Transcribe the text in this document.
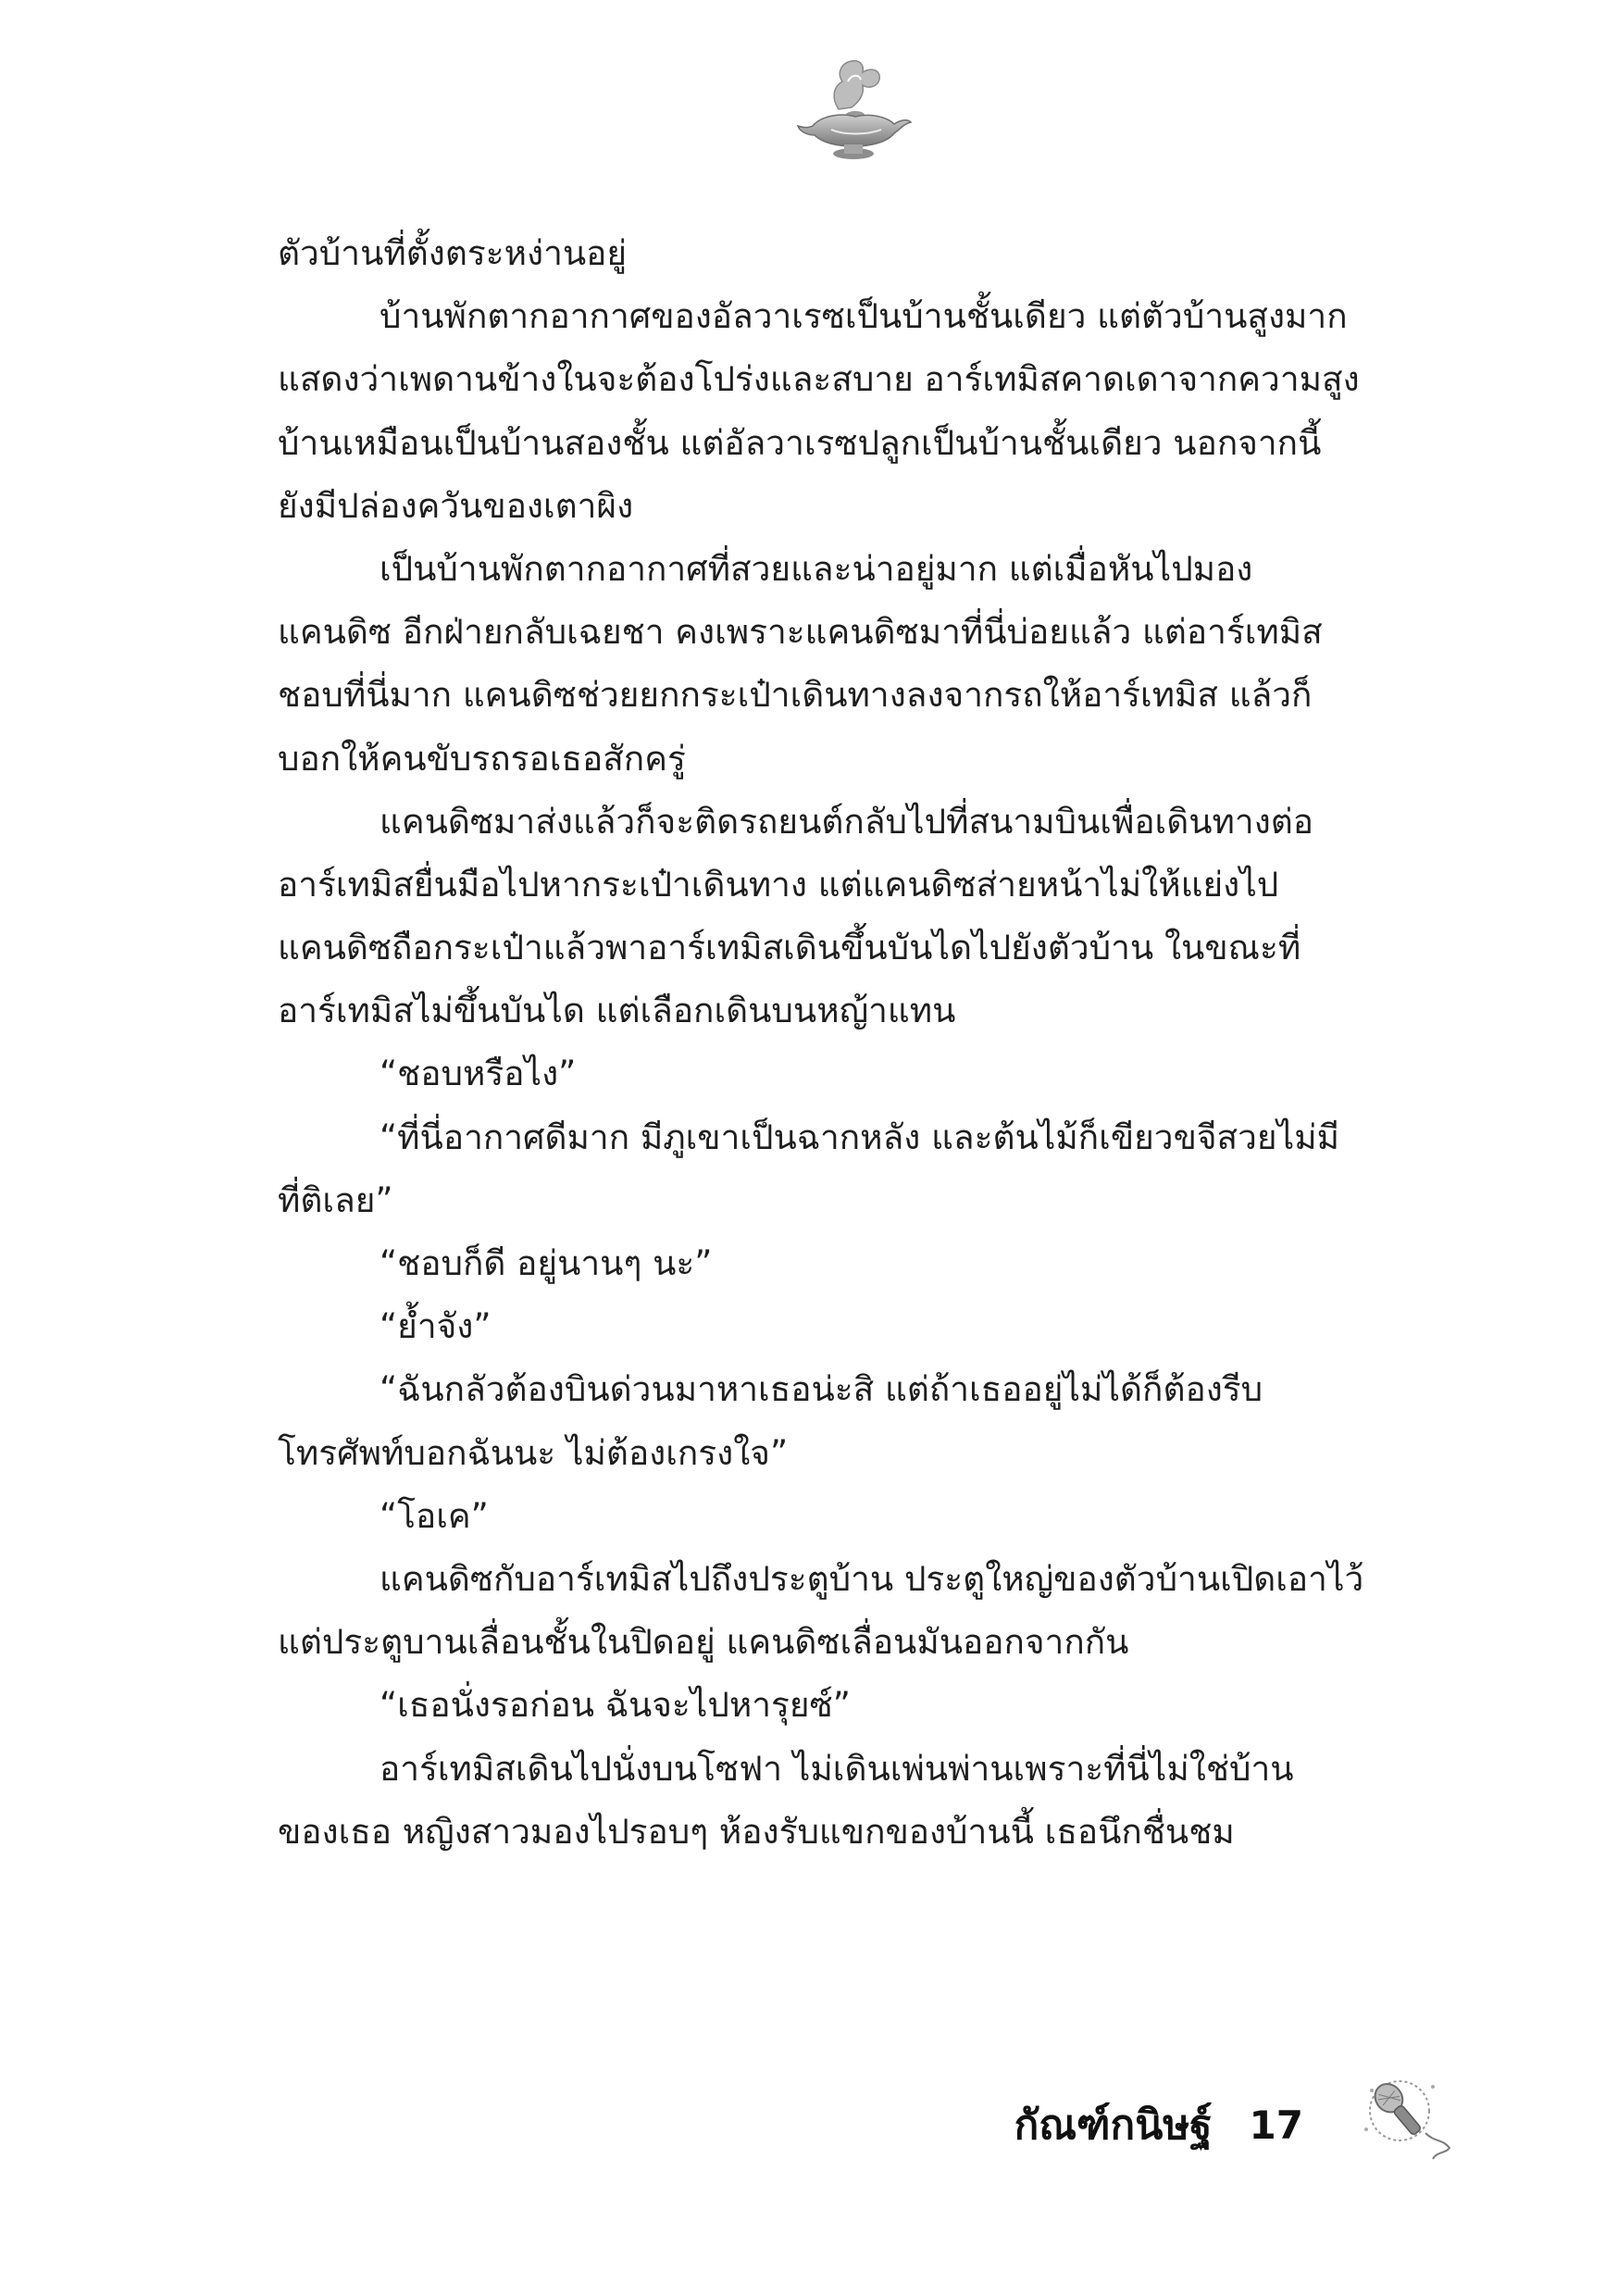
ตัวบ้านที่ตั้งตระหง่านอยู่
บ้านพักตากอากาศของอัลวาเรซเป็นบ้านชั้นเดียว แต่ตัวบ้านสูงมาก
แสดงว่าเพดานข้างในจะต้องโปร่งและสบาย อาร์เทมิสคาดเดาจากความสูง
บ้านเหมือนเป็นบ้านสองชั้น แต่อัลวาเรซปลูกเป็นบ้านชั้นเดียว นอกจากนี้
ยังมีปล่องควันของเตาผิง
เป็นบ้านพักตากอากาศที่สวยและน่าอยู่มาก แต่เมื่อหันไปมอง
แคนดิซ อีกฝ่ายกลับเฉยชา คงเพราะแคนดิซมาที่นี่บ่อยแล้ว แต่อาร์เทมิส
ชอบที่นี่มาก แคนดิซช่วยยกกระเป๋าเดินทางลงจากรถให้อาร์เทมิส แล้วก็
บอกให้คนขับรถรอเธอสักครู่
แคนดิซมาส่งแล้วก็จะติดรถยนต์กลับไปที่สนามบินเพื่อเดินทางต่อ
อาร์เทมิสยื่นมือไปหากระเป๋าเดินทาง แต่แคนดิซส่ายหน้าไม่ให้แย่งไป
แคนดิซถือกระเป๋าแล้วพาอาร์เทมิสเดินขึ้นบันไดไปยังตัวบ้าน ในขณะที่
อาร์เทมิสไม่ขึ้นบันได แต่เลือกเดินบนหญ้าแทน
“ชอบหรือไง”
“ที่นี่อากาศดีมาก มีภูเขาเป็นฉากหลัง และต้นไม้ก็เขียวขจีสวยไม่มี
ที่ติเลย”
“ชอบก็ดี อยู่นานๆ นะ”
“ย้ำจัง”
“ฉันกลัวต้องบินด่วนมาหาเธอน่ะสิ แต่ถ้าเธออยู่ไม่ได้ก็ต้องรีบ
โทรศัพท์บอกฉันนะ ไม่ต้องเกรงใจ”
“โอเค”
แคนดิซกับอาร์เทมิสไปถึงประตูบ้าน ประตูใหญ่ของตัวบ้านเปิดเอาไว้
แต่ประตูบานเลื่อนชั้นในปิดอยู่ แคนดิซเลื่อนมันออกจากกัน
“เธอนั่งรอก่อน ฉันจะไปหารุยซ์”
อาร์เทมิสเดินไปนั่งบนโซฟา ไม่เดินเพ่นพ่านเพราะที่นี่ไม่ใช่บ้าน
ของเธอ หญิงสาวมองไปรอบๆ ห้องรับแขกของบ้านนี้ เธอนึกชื่นชม
กัณฑ์กนิษฐ์ 17
